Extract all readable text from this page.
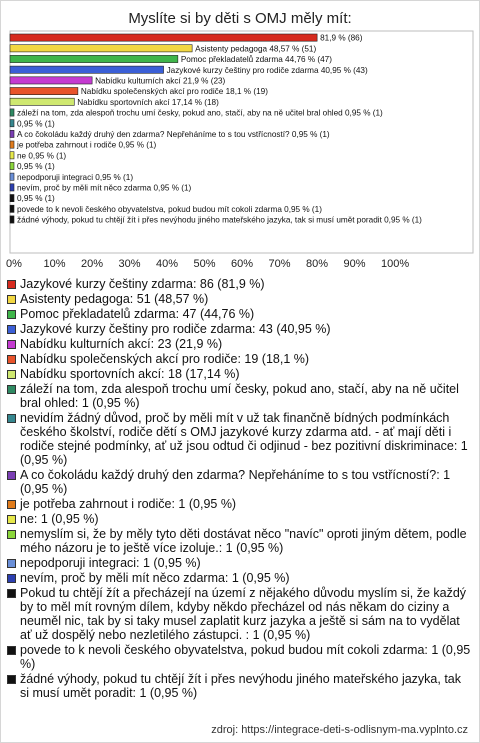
Myslíte si by děti s OMJ měly mít:
81,9 % (86)
Asistenty pedagoga 48,57 % (51)
Pomoc překladatelů zdarma 44,76 % (47)
Jazykové kurzy češtiny pro rodiče zdarma 40,95 % (43)
Nabídku kulturních akcí 21,9 % (23)
Nabídku společenských akcí pro rodiče 18,1 % (19)
Nabídku sportovních akcí 17,14 % (18)
záleží na tom, zda alespoň trochu umí česky, pokud ano, stačí, aby na ně učitel bral ohled 0,95 % (1)
0,95 % (1)
A co čokoládu každý druhý den zdarma? Nepřeháníme to s tou vstřícností? 0,95 % (1)
je potřeba zahrnout i rodiče 0,95 % (1)
ne 0,95 % (1)
0,95 % (1)
nepodporuji integraci 0,95 % (1)
nevím, proč by měli mít něco zdarma 0,95 % (1)
0,95 % (1)
povede to k nevoli českého obyvatelstva, pokud budou mít cokoli zdarma 0,95 % (1)
žádné výhody, pokud tu chtějí žít i přes nevýhodu jiného mateřského jazyka, tak si musí umět poradit 0,95 % (1)
0% 10% 20% 30% 40% 50% 60% 70% 80% 90% 100%
Jazykové kurzy češtiny zdarma: 86 (81,9 %)
Asistenty pedagoga: 51 (48,57 %)
Pomoc překladatelů zdarma: 47 (44,76 %)
Jazykové kurzy češtiny pro rodiče zdarma: 43 (40,95 %)
Nabídku kulturních akcí: 23 (21,9 %)
Nabídku společenských akcí pro rodiče: 19 (18,1 %)
Nabídku sportovních akcí: 18 (17,14 %)
záleží na tom, zda alespoň trochu umí česky, pokud ano, stačí, aby na ně učitel bral ohled: 1 (0,95 %)
nevidím žádný důvod, proč by měli mít v už tak finančně bídných podmínkách českého školství, rodiče dětí s OMJ jazykové kurzy zdarma atd. - ať mají děti i rodiče stejné podmínky, ať už jsou odtud či odjinud - bez pozitivní diskriminace: 1 (0,95 %)
A co čokoládu každý druhý den zdarma? Nepřeháníme to s tou vstřícností?: 1 (0,95 %)
je potřeba zahrnout i rodiče: 1 (0,95 %)
ne: 1 (0,95 %)
nemyslím si, že by měly tyto děti dostávat něco "navíc" oproti jiným dětem, podle mého názoru je to ještě více izoluje.: 1 (0,95 %)
nepodporuji integraci: 1 (0,95 %)
nevím, proč by měli mít něco zdarma: 1 (0,95 %)
Pokud tu chtějí žít a přecházejí na území z nějakého důvodu myslím si, že každý by to měl mít rovným dílem, kdyby někdo přecházel od nás někam do ciziny a neuměl nic, tak by si taky musel zaplatit kurz jazyka a ještě si sám na to vydělat ať už dospělý nebo nezletilého zástupci. : 1 (0,95 %)
povede to k nevoli českého obyvatelstva, pokud budou mít cokoli zdarma: 1 (0,95 %)
žádné výhody, pokud tu chtějí žít i přes nevýhodu jiného mateřského jazyka, tak si musí umět poradit: 1 (0,95 %)
zdroj: https://integrace-deti-s-odlisnym-ma.vyplnto.cz
